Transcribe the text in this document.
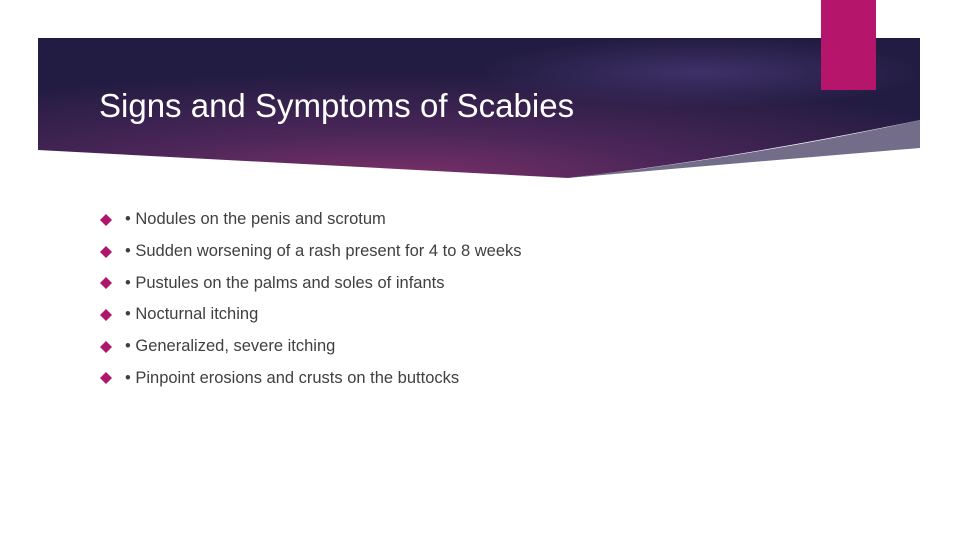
Signs and Symptoms of Scabies
• Nodules on the penis and scrotum
• Sudden worsening of a rash present for 4 to 8 weeks
• Pustules on the palms and soles of infants
• Nocturnal itching
• Generalized, severe itching
• Pinpoint erosions and crusts on the buttocks
